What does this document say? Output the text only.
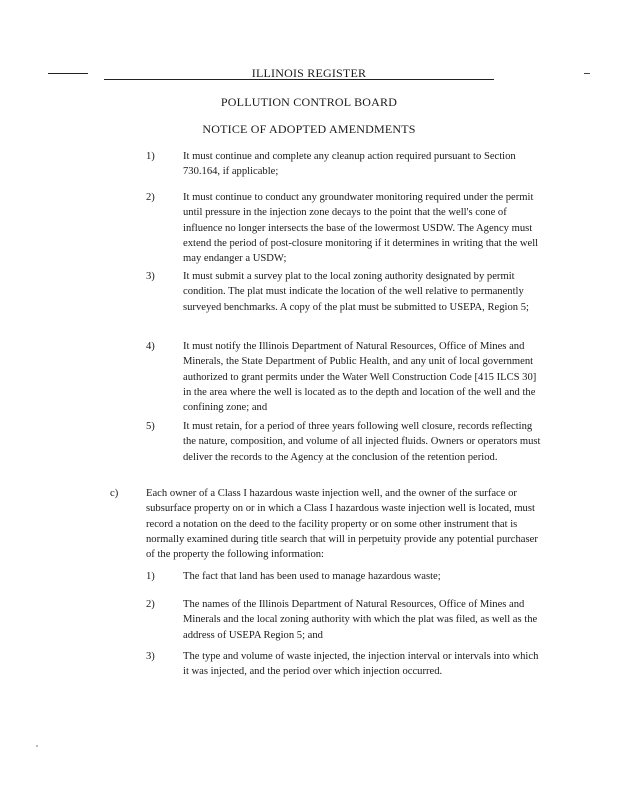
ILLINOIS REGISTER
POLLUTION CONTROL BOARD
NOTICE OF ADOPTED AMENDMENTS
1)	It must continue and complete any cleanup action required pursuant to Section 730.164, if applicable;
2)	It must continue to conduct any groundwater monitoring required under the permit until pressure in the injection zone decays to the point that the well's cone of influence no longer intersects the base of the lowermost USDW. The Agency must extend the period of post-closure monitoring if it determines in writing that the well may endanger a USDW;
3)	It must submit a survey plat to the local zoning authority designated by permit condition. The plat must indicate the location of the well relative to permanently surveyed benchmarks. A copy of the plat must be submitted to USEPA, Region 5;
4)	It must notify the Illinois Department of Natural Resources, Office of Mines and Minerals, the State Department of Public Health, and any unit of local government authorized to grant permits under the Water Well Construction Code [415 ILCS 30] in the area where the well is located as to the depth and location of the well and the confining zone; and
5)	It must retain, for a period of three years following well closure, records reflecting the nature, composition, and volume of all injected fluids. Owners or operators must deliver the records to the Agency at the conclusion of the retention period.
c)	Each owner of a Class I hazardous waste injection well, and the owner of the surface or subsurface property on or in which a Class I hazardous waste injection well is located, must record a notation on the deed to the facility property or on some other instrument that is normally examined during title search that will in perpetuity provide any potential purchaser of the property the following information:
1)	The fact that land has been used to manage hazardous waste;
2)	The names of the Illinois Department of Natural Resources, Office of Mines and Minerals and the local zoning authority with which the plat was filed, as well as the address of USEPA Region 5; and
3)	The type and volume of waste injected, the injection interval or intervals into which it was injected, and the period over which injection occurred.
